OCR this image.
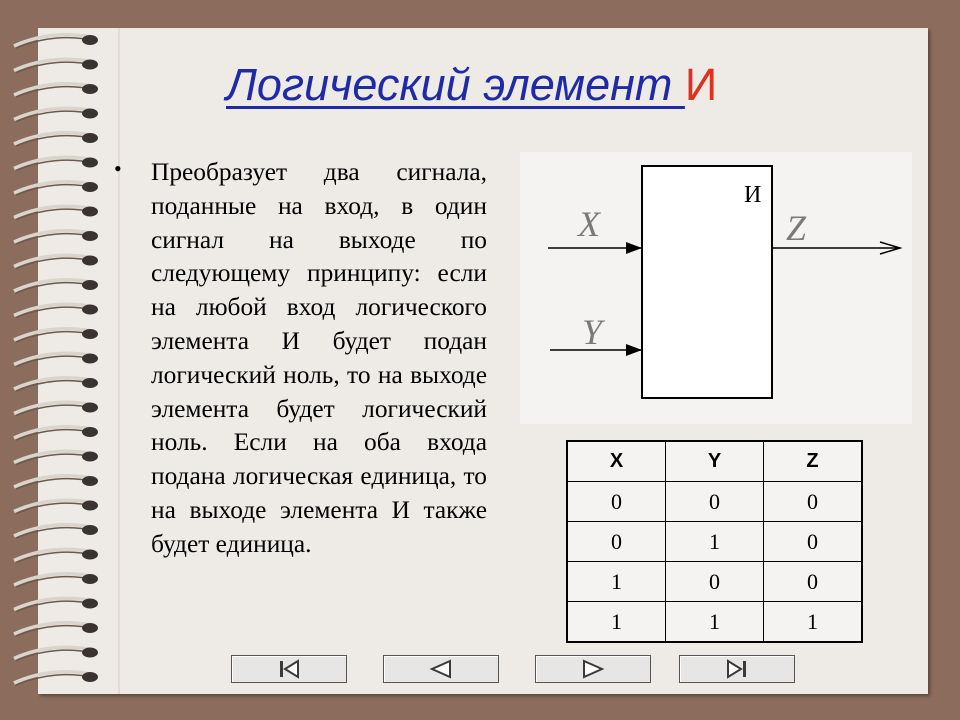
Логический элемент И
• Преобразует два сигнала, поданные на вход, в один сигнал на выходе по следующему принципу: если на любой вход логического элемента И будет подан логический ноль, то на выходе элемента будет логический ноль. Если на оба входа подана логическая единица, то на выходе элемента И также будет единица.

И
X
Y
Z
X	Y	Z
0	0	0
0	1	0
1	0	0
1	1	1
